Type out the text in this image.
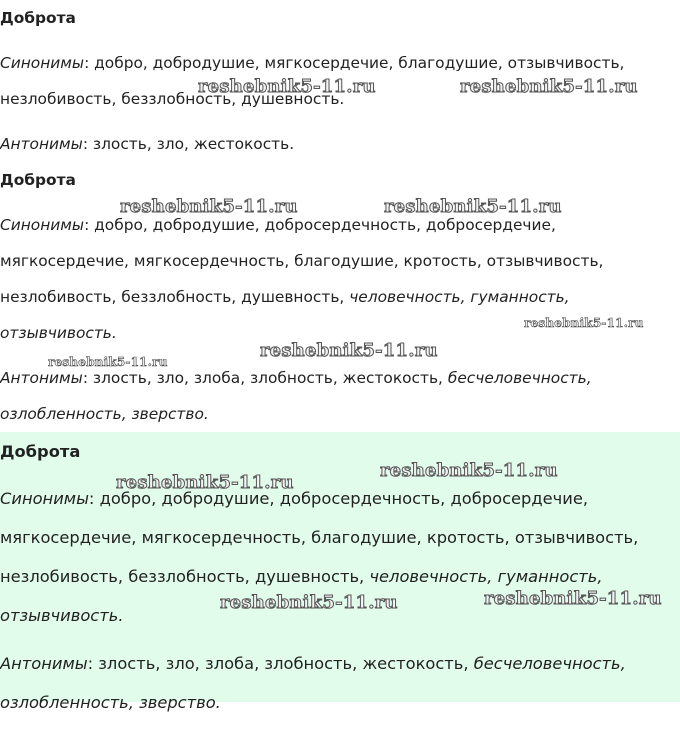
Доброта
Синонимы: добро, добродушие, мягкосердечие, благодушие, отзывчивость,
незлобивость, беззлобность, душевность.
Антонимы: злость, зло, жестокость.
Доброта
Синонимы: добро, добродушие, добросердечность, добросердечие,
мягкосердечие, мягкосердечность, благодушие, кротость, отзывчивость,
незлобивость, беззлобность, душевность, человечность, гуманность,
отзывчивость.
Антонимы: злость, зло, злоба, злобность, жестокость, бесчеловечность,
озлобленность, зверство.
Доброта
Синонимы: добро, добродушие, добросердечность, добросердечие,
мягкосердечие, мягкосердечность, благодушие, кротость, отзывчивость,
незлобивость, беззлобность, душевность, человечность, гуманность,
отзывчивость.
Антонимы: злость, зло, злоба, злобность, жестокость, бесчеловечность,
озлобленность, зверство.
reshebnik5-11.ru	reshebnik5-11.ru
reshebnik5-11.ru	reshebnik5-11.ru
reshebnik5-11.ru
reshebnik5-11.ru
reshebnik5-11.ru
reshebnik5-11.ru
reshebnik5-11.ru
reshebnik5-11.ru
reshebnik5-11.ru
